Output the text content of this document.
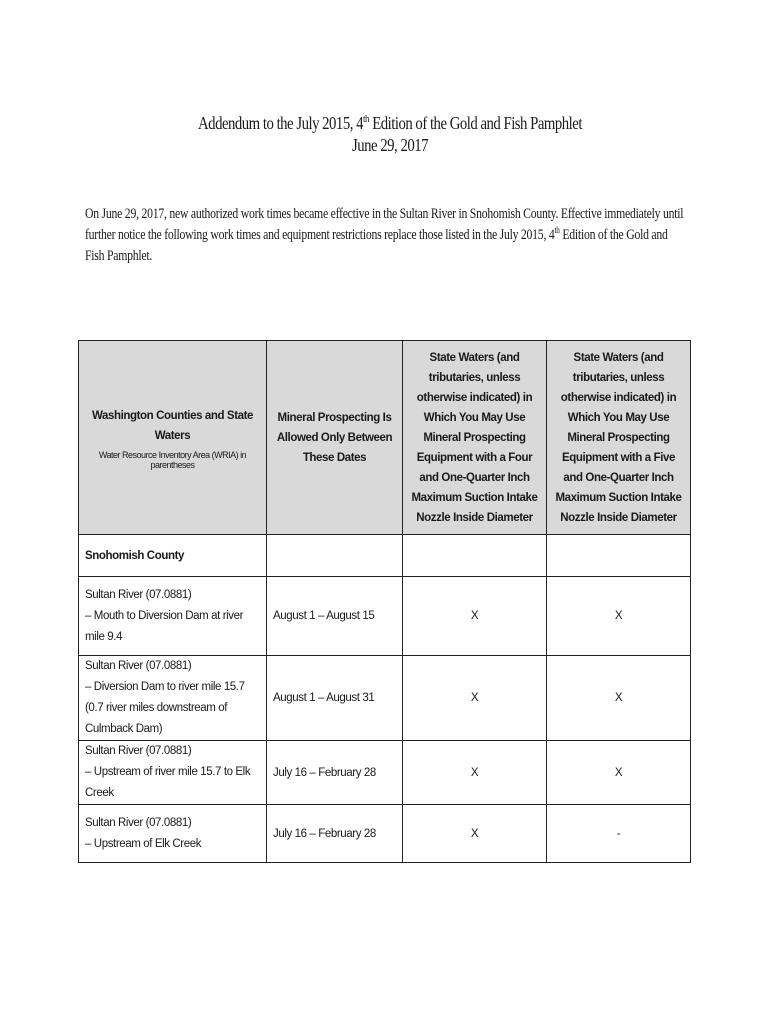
Addendum to the July 2015, 4th Edition of the Gold and Fish Pamphlet
June 29, 2017
On June 29, 2017, new authorized work times became effective in the Sultan River in Snohomish County. Effective immediately until further notice the following work times and equipment restrictions replace those listed in the July 2015, 4th Edition of the Gold and Fish Pamphlet.
Washington Counties and State Waters
Water Resource Inventory Area (WRIA) in parentheses	Mineral Prospecting Is Allowed Only Between These Dates	State Waters (and tributaries, unless otherwise indicated) in Which You May Use Mineral Prospecting Equipment with a Four and One-Quarter Inch Maximum Suction Intake Nozzle Inside Diameter	State Waters (and tributaries, unless otherwise indicated) in Which You May Use Mineral Prospecting Equipment with a Five and One-Quarter Inch Maximum Suction Intake Nozzle Inside Diameter

Snohomish County			

Sultan River (07.0881)
– Mouth to Diversion Dam at river mile 9.4	August 1 – August 15	X	X

Sultan River (07.0881)
– Diversion Dam to river mile 15.7 (0.7 river miles downstream of Culmback Dam)	August 1 – August 31	X	X

Sultan River (07.0881)
– Upstream of river mile 15.7 to Elk Creek	July 16 – February 28	X	X

Sultan River (07.0881)
– Upstream of Elk Creek	July 16 – February 28	X	-
